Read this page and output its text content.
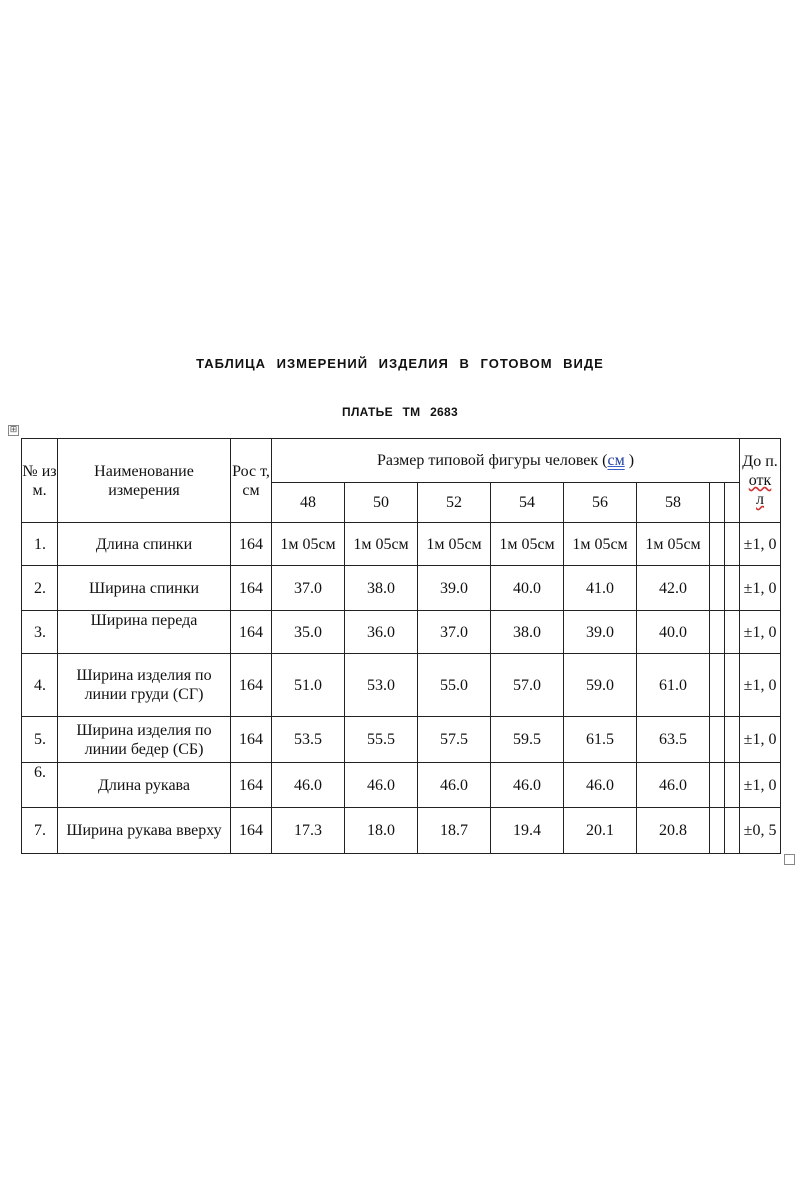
ТАБЛИЦА ИЗМЕРЕНИЙ ИЗДЕЛИЯ В ГОТОВОМ ВИДЕ
ПЛАТЬЕ ТМ 2683
⊞
№ из м.	Наименование измерения	Рос т, см	Размер типовой фигуры человек (см )								До п.
отк
л
			48	50	52	54	56	58			
1.	Длина спинки	164	1м 05см	1м 05см	1м 05см	1м 05см	1м 05см	1м 05см			±1, 0
2.	Ширина спинки	164	37.0	38.0	39.0	40.0	41.0	42.0			±1, 0
3.	Ширина переда	164	35.0	36.0	37.0	38.0	39.0	40.0			±1, 0
4.	Ширина изделия по линии груди (СГ)	164	51.0	53.0	55.0	57.0	59.0	61.0			±1, 0
5.	Ширина изделия по линии бедер (СБ)	164	53.5	55.5	57.5	59.5	61.5	63.5			±1, 0
6.	Длина рукава	164	46.0	46.0	46.0	46.0	46.0	46.0			±1, 0
7.	Ширина рукава вверху	164	17.3	18.0	18.7	19.4	20.1	20.8			±0, 5
